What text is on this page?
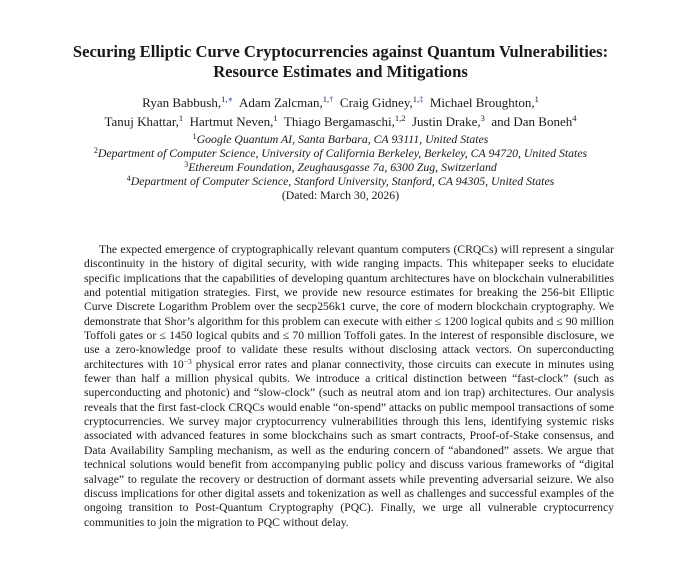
Securing Elliptic Curve Cryptocurrencies against Quantum Vulnerabilities:
Resource Estimates and Mitigations
Ryan Babbush,$^{1,∗}$ Adam Zalcman,$^{1,\dagger}$ Craig Gidney,$^{1,\ddagger}$ Michael Broughton,$^1$
Tanuj Khattar,$^1$ Hartmut Neven,$^1$ Thiago Bergamaschi,$^{1,2}$ Justin Drake,$^3$ and Dan Boneh$^4$
$^1$Google Quantum AI, Santa Barbara, CA 93111, United States
$^2$Department of Computer Science, University of California Berkeley, Berkeley, CA 94720, United States
$^3$Ethereum Foundation, Zeughausgasse 7a, 6300 Zug, Switzerland
$^4$Department of Computer Science, Stanford University, Stanford, CA 94305, United States
(Dated: March 30, 2026)

The expected emergence of cryptographically relevant quantum computers (CRQCs) will represent a singular discontinuity in the history of digital security, with wide ranging impacts. This whitepaper seeks to elucidate specific implications that the capabilities of developing quantum architectures have on blockchain vulnerabilities and potential mitigation strategies. First, we provide new resource estimates for breaking the 256-bit Elliptic Curve Discrete Logarithm Problem over the secp256k1 curve, the core of modern blockchain cryptography. We demonstrate that Shor’s algorithm for this problem can execute with either ≤ 1200 logical qubits and ≤ 90 million Toffoli gates or ≤ 1450 logical qubits and ≤ 70 million Toffoli gates. In the interest of responsible disclosure, we use a zero-knowledge proof to validate these results without disclosing attack vectors. On superconducting architectures with $10^{-3}$ physical error rates and planar connectivity, those circuits can execute in minutes using fewer than half a million physical qubits. We introduce a critical distinction between “fast-clock” (such as superconducting and photonic) and “slow-clock” (such as neutral atom and ion trap) architectures. Our analysis reveals that the first fast-clock CRQCs would enable “on-spend” attacks on public mempool transactions of some cryptocurrencies. We survey major cryptocurrency vulnerabilities through this lens, identifying systemic risks associated with advanced features in some blockchains such as smart contracts, Proof-of-Stake consensus, and Data Availability Sampling mechanism, as well as the enduring concern of “abandoned” assets. We argue that technical solutions would benefit from accompanying public policy and discuss various frameworks of “digital salvage” to regulate the recovery or destruction of dormant assets while preventing adversarial seizure. We also discuss implications for other digital assets and tokenization as well as challenges and successful examples of the ongoing transition to Post-Quantum Cryptography (PQC). Finally, we urge all vulnerable cryptocurrency communities to join the migration to PQC without delay.
